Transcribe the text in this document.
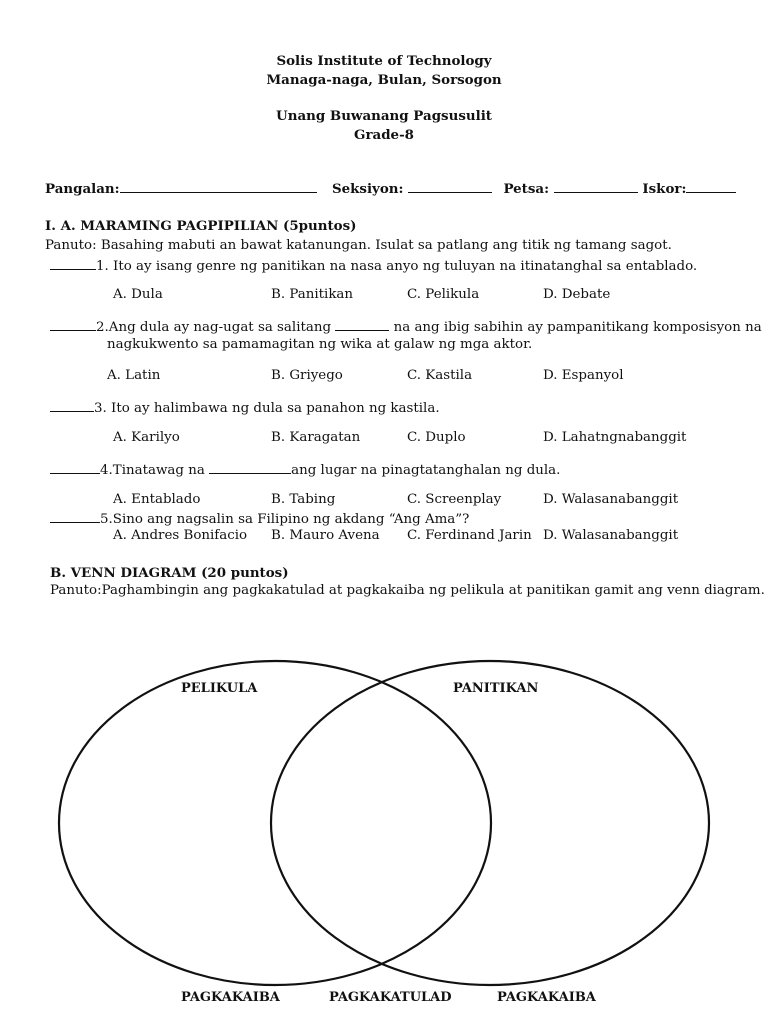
Solis Institute of Technology
Managa-naga, Bulan, Sorsogon
Unang Buwanang Pagsusulit
Grade-8
Pangalan:	Seksiyon:	Petsa:	Iskor:
I. A. MARAMING PAGPIPILIAN (5puntos)
Panuto: Basahing mabuti an bawat katanungan. Isulat sa patlang ang titik ng tamang sagot.
1. Ito ay isang genre ng panitikan na nasa anyo ng tuluyan na itinatanghal sa entablado.
A. Dula	B. Panitikan	C. Pelikula	D. Debate
2.Ang dula ay nag-ugat sa salitang	na ang ibig sabihin ay pampanitikang komposisyon na
nagkukwento sa pamamagitan ng wika at galaw ng mga aktor.
A. Latin	B. Griyego	C. Kastila	D. Espanyol
3. Ito ay halimbawa ng dula sa panahon ng kastila.
A. Karilyo	B. Karagatan	C. Duplo	D. Lahatngnabanggit
4.Tinatawag na	ang lugar na pinagtatanghalan ng dula.
A. Entablado	B. Tabing	C. Screenplay	D. Walasanabanggit
5.Sino ang nagsalin sa Filipino ng akdang “Ang Ama”?
A. Andres Bonifacio B. Mauro Avena C. Ferdinand Jarin D. Walasanabanggit
B. VENN DIAGRAM (20 puntos)
Panuto:Paghambingin ang pagkakatulad at pagkakaiba ng pelikula at panitikan gamit ang venn diagram.
PELIKULA	PANITIKAN
PAGKAKAIBA	PAGKAKATULAD	PAGKAKAIBA
